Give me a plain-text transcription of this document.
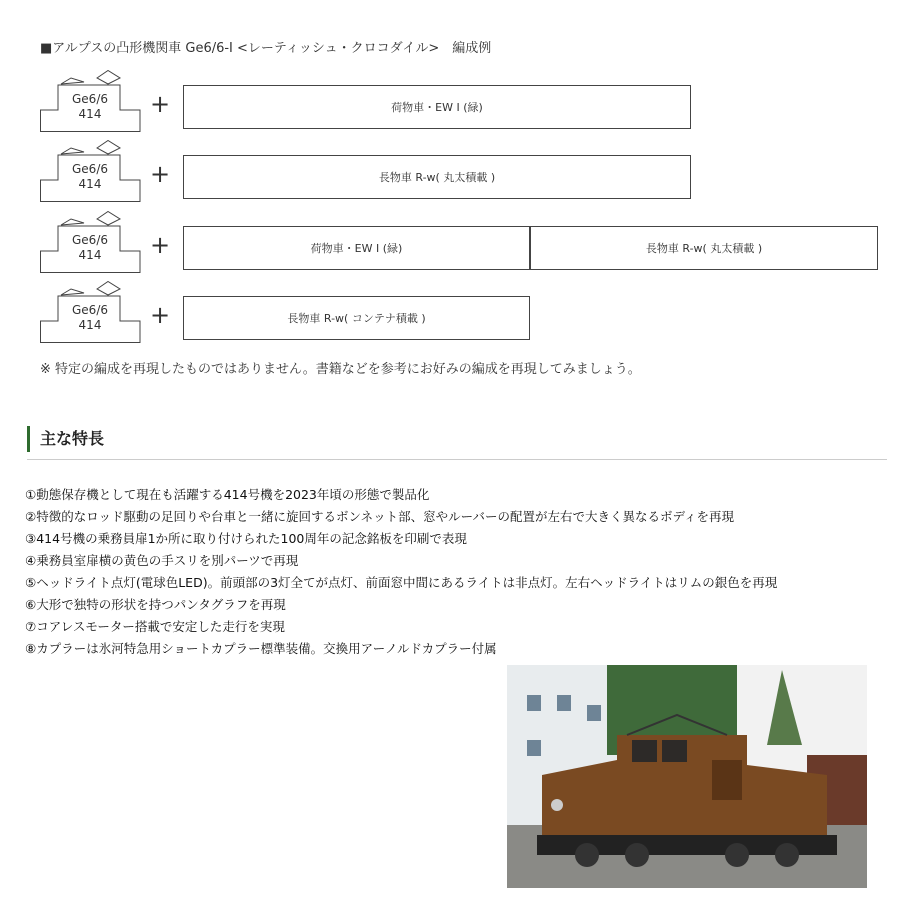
■アルプスの凸形機関車 Ge6/6-I <レーティッシュ・クロコダイル>　編成例
Ge6/6
414	+	荷物車・EW I (緑)
Ge6/6
414	+	長物車 R-w( 丸太積載 )
Ge6/6
414	+	荷物車・EW I (緑)	長物車 R-w( 丸太積載 )
Ge6/6
414	+	長物車 R-w( コンテナ積載 )
※ 特定の編成を再現したものではありません。書籍などを参考にお好みの編成を再現してみましょう。
主な特長
①動態保存機として現在も活躍する414号機を2023年頃の形態で製品化
②特徴的なロッド駆動の足回りや台車と一緒に旋回するボンネット部、窓やルーバーの配置が左右で大きく異なるボディを再現
③414号機の乗務員扉1か所に取り付けられた100周年の記念銘板を印刷で表現
④乗務員室扉横の黄色の手スリを別パーツで再現
⑤ヘッドライト点灯(電球色LED)。前頭部の3灯全てが点灯、前面窓中間にあるライトは非点灯。左右ヘッドライトはリムの銀色を再現
⑥大形で独特の形状を持つパンタグラフを再現
⑦コアレスモーター搭載で安定した走行を実現
⑧カプラーは氷河特急用ショートカプラー標準装備。交換用アーノルドカプラー付属
